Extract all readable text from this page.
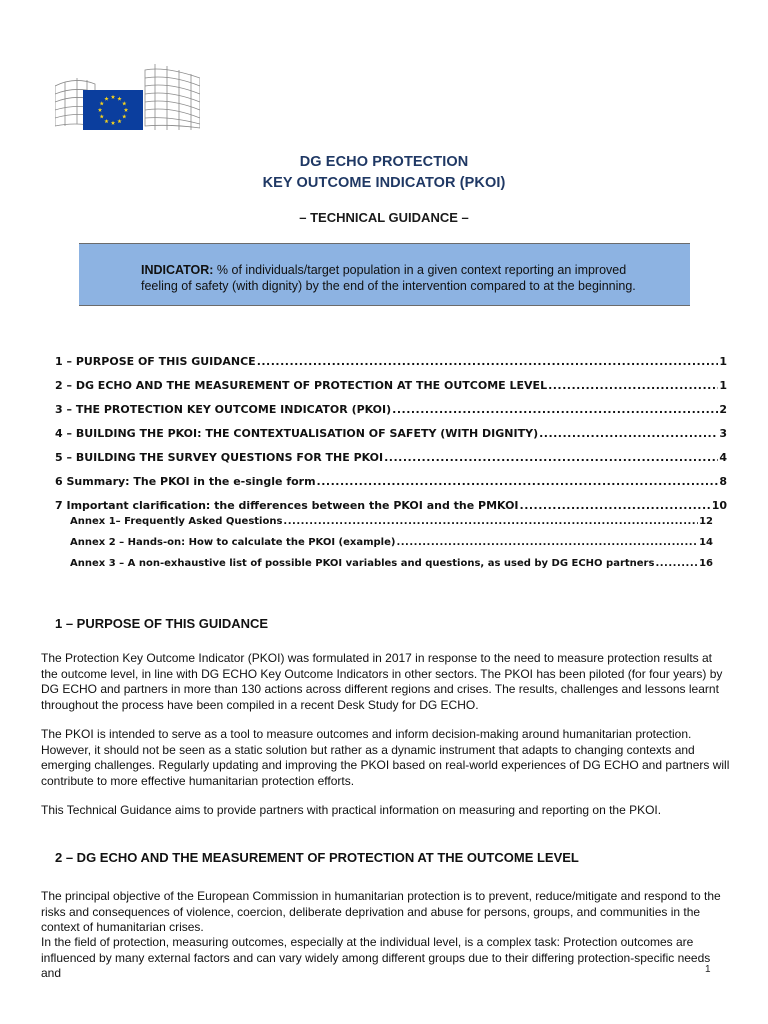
DG ECHO PROTECTION
KEY OUTCOME INDICATOR (PKOI)
– TECHNICAL GUIDANCE –
INDICATOR: % of individuals/target population in a given context reporting an improved feeling of safety (with dignity) by the end of the intervention compared to at the beginning.
1 – PURPOSE OF THIS GUIDANCE .....	1
2 – DG ECHO AND THE MEASUREMENT OF PROTECTION AT THE OUTCOME LEVEL .....	1
3 – THE PROTECTION KEY OUTCOME INDICATOR (PKOI) .....	2
4 – BUILDING THE PKOI: THE CONTEXTUALISATION OF SAFETY (WITH DIGNITY) .....	3
5 – BUILDING THE SURVEY QUESTIONS FOR THE PKOI .....	4
6 Summary: The PKOI in the e-single form .....	8
7 Important clarification: the differences between the PKOI and the PMKOI .....	10
Annex 1– Frequently Asked Questions .....	12
Annex 2 – Hands-on: How to calculate the PKOI (example) .....	14
Annex 3 – A non-exhaustive list of possible PKOI variables and questions, as used by DG ECHO partners .....	16
1 – PURPOSE OF THIS GUIDANCE
The Protection Key Outcome Indicator (PKOI) was formulated in 2017 in response to the need to measure protection results at the outcome level, in line with DG ECHO Key Outcome Indicators in other sectors. The PKOI has been piloted (for four years) by DG ECHO and partners in more than 130 actions across different regions and crises. The results, challenges and lessons learnt throughout the process have been compiled in a recent Desk Study for DG ECHO.
The PKOI is intended to serve as a tool to measure outcomes and inform decision-making around humanitarian protection. However, it should not be seen as a static solution but rather as a dynamic instrument that adapts to changing contexts and emerging challenges. Regularly updating and improving the PKOI based on real-world experiences of DG ECHO and partners will contribute to more effective humanitarian protection efforts.
This Technical Guidance aims to provide partners with practical information on measuring and reporting on the PKOI.
2 – DG ECHO AND THE MEASUREMENT OF PROTECTION AT THE OUTCOME LEVEL
The principal objective of the European Commission in humanitarian protection is to prevent, reduce/mitigate and respond to the risks and consequences of violence, coercion, deliberate deprivation and abuse for persons, groups, and communities in the context of humanitarian crises.
In the field of protection, measuring outcomes, especially at the individual level, is a complex task: Protection outcomes are influenced by many external factors and can vary widely among different groups due to their differing protection-specific needs and	1
